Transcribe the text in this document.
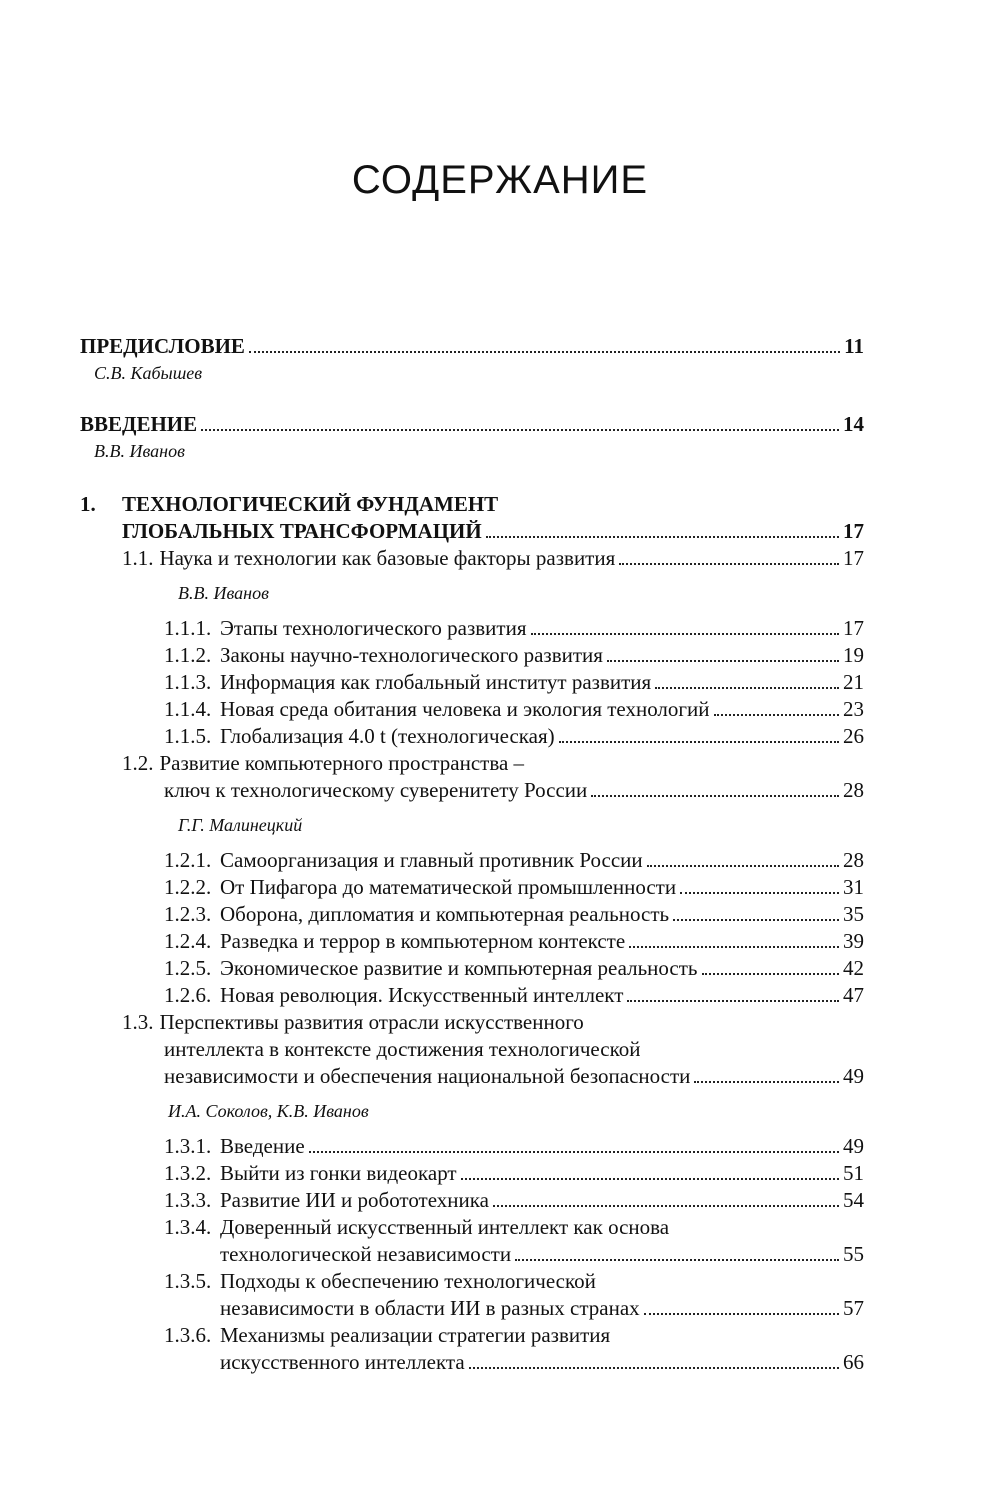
СОДЕРЖАНИЕ
ПРЕДИСЛОВИЕ	11
С.В. Кабышев
ВВЕДЕНИЕ	14
В.В. Иванов
1.	ТЕХНОЛОГИЧЕСКИЙ ФУНДАМЕНТ
ГЛОБАЛЬНЫХ ТРАНСФОРМАЦИЙ	17
1.1. Наука и технологии как базовые факторы развития	17
В.В. Иванов
1.1.1. Этапы технологического развития	17
1.1.2. Законы научно-технологического развития	19
1.1.3. Информация как глобальный институт развития	21
1.1.4. Новая среда обитания человека и экология технологий	23
1.1.5. Глобализация 4.0 t (технологическая)	26
1.2. Развитие компьютерного пространства –
ключ к технологическому суверенитету России	28
Г.Г. Малинецкий
1.2.1. Самоорганизация и главный противник России	28
1.2.2. От Пифагора до математической промышленности	31
1.2.3. Оборона, дипломатия и компьютерная реальность	35
1.2.4. Разведка и террор в компьютерном контексте	39
1.2.5. Экономическое развитие и компьютерная реальность	42
1.2.6. Новая революция. Искусственный интеллект	47
1.3. Перспективы развития отрасли искусственного
интеллекта в контексте достижения технологической
независимости и обеспечения национальной безопасности	49
И.А. Соколов, К.В. Иванов
1.3.1. Введение	49
1.3.2. Выйти из гонки видеокарт	51
1.3.3. Развитие ИИ и робототехника	54
1.3.4. Доверенный искусственный интеллект как основа
технологической независимости	55
1.3.5. Подходы к обеспечению технологической
независимости в области ИИ в разных странах	57
1.3.6. Механизмы реализации стратегии развития
искусственного интеллекта	66
